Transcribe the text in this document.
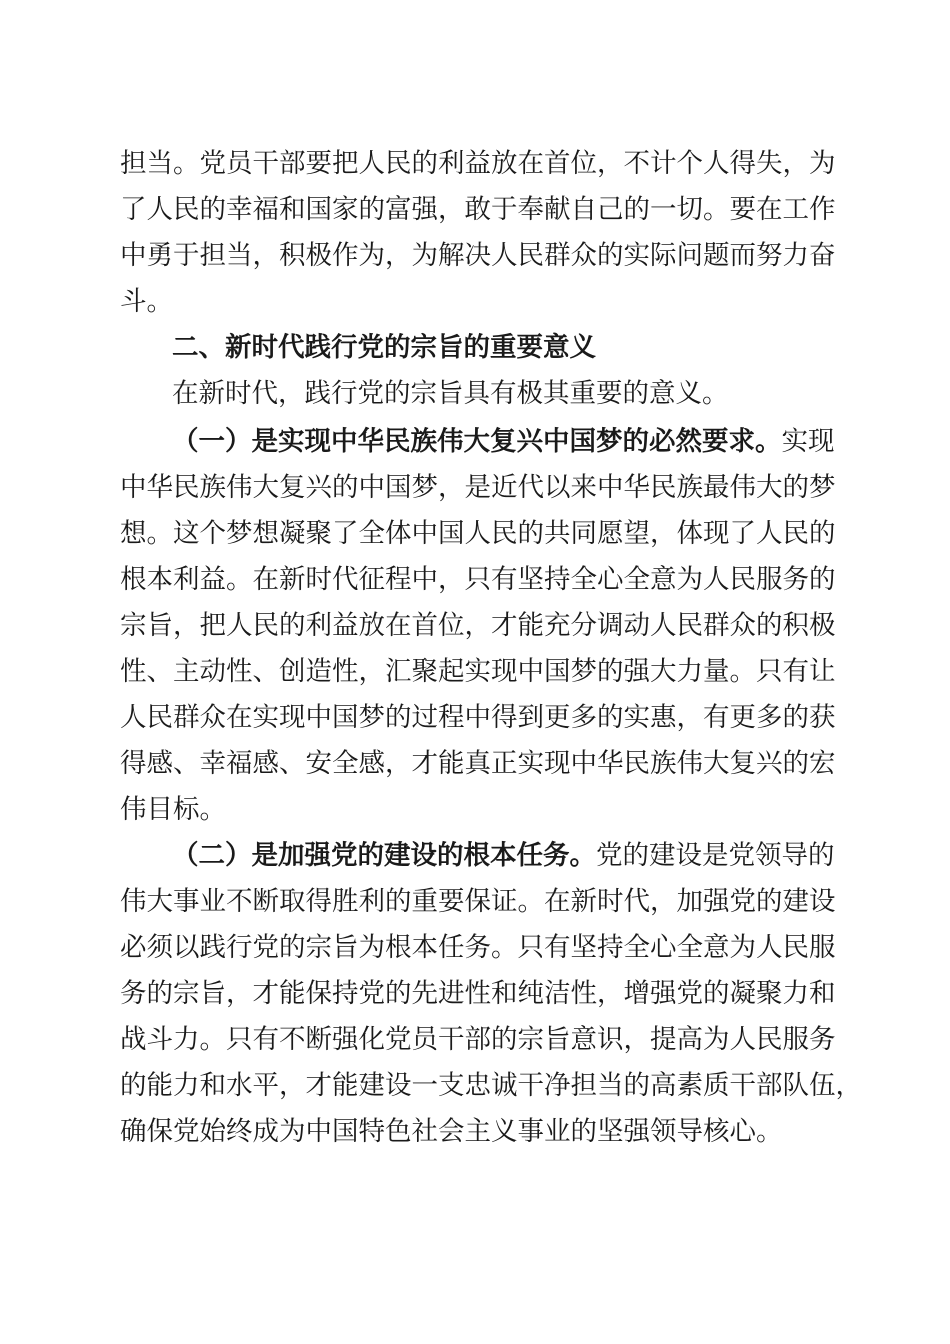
担当。党员干部要把人民的利益放在首位，不计个人得失，为
了人民的幸福和国家的富强，敢于奉献自己的一切。要在工作
中勇于担当，积极作为，为解决人民群众的实际问题而努力奋
斗。
二、新时代践行党的宗旨的重要意义
在新时代，践行党的宗旨具有极其重要的意义。
（一）是实现中华民族伟大复兴中国梦的必然要求。实现
中华民族伟大复兴的中国梦，是近代以来中华民族最伟大的梦
想。这个梦想凝聚了全体中国人民的共同愿望，体现了人民的
根本利益。在新时代征程中，只有坚持全心全意为人民服务的
宗旨，把人民的利益放在首位，才能充分调动人民群众的积极
性、主动性、创造性，汇聚起实现中国梦的强大力量。只有让
人民群众在实现中国梦的过程中得到更多的实惠，有更多的获
得感、幸福感、安全感，才能真正实现中华民族伟大复兴的宏
伟目标。
（二）是加强党的建设的根本任务。党的建设是党领导的
伟大事业不断取得胜利的重要保证。在新时代，加强党的建设
必须以践行党的宗旨为根本任务。只有坚持全心全意为人民服
务的宗旨，才能保持党的先进性和纯洁性，增强党的凝聚力和
战斗力。只有不断强化党员干部的宗旨意识，提高为人民服务
的能力和水平，才能建设一支忠诚干净担当的高素质干部队伍，
确保党始终成为中国特色社会主义事业的坚强领导核心。
